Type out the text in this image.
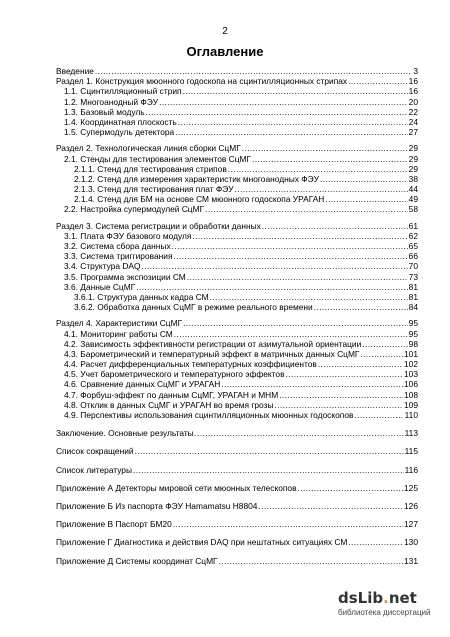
2
Оглавление
Введение .....	3
Раздел 1. Конструкция мюонного годоскопа на сцинтилляционных стрипах .....	16
1.1. Сцинтилляционный стрип .....	16
1.2. Многоанодный ФЭУ .....	20
1.3. Базовый модуль .....	22
1.4. Координатная плоскость .....	24
1.5. Супермодуль детектора .....	27
Раздел 2. Технологическая линия сборки СцМГ .....	29
2.1. Стенды для тестирования элементов СцМГ .....	29
2.1.1. Стенд для тестирования стрипов .....	29
2.1.2. Стенд для измерения характеристик многоанодных ФЭУ .....	38
2.1.3. Стенд для тестирования плат ФЭУ .....	44
2.1.4. Стенд для БМ на основе СМ мюонного годоскопа УРАГАН .....	49
2.2. Настройка супермодулей СцМГ .....	58
Раздел 3. Система регистрации и обработки данных .....	61
3.1. Плата ФЭУ базового модуля .....	62
3.2. Система сбора данных .....	65
3.3. Система триггирования .....	66
3.4. Структура DAQ .....	70
3.5. Программа экспозиции СМ .....	73
3.6. Данные СцМГ .....	81
3.6.1. Структура данных кадра СМ .....	81
3.6.2. Обработка данных СцМГ в режиме реального времени .....	84
Раздел 4. Характеристики СцМГ .....	95
4.1. Мониторинг работы СМ .....	95
4.2. Зависимость эффективности регистрации от азимутальной ориентации .....	98
4.3. Барометрический и температурный эффект в матричных данных СцМГ .....	101
4.4. Расчет дифференциальных температурных коэффициентов .....	102
4.5. Учет барометрического и температурного эффектов .....	103
4.6. Сравнение данных СцМГ и УРАГАН .....	106
4.7. Форбуш-эффект по данным СцМГ, УРАГАН и МНМ .....	108
4.8. Отклик в данных СцМГ и УРАГАН во время грозы .....	109
4.9. Перспективы использования сцинтилляционных мюонных годоскопов .....	110
Заключение. Основные результаты. .....	113
Список сокращений .....	115
Список литературы .....	116
Приложение А Детекторы мировой сети мюонных телескопов .....	125
Приложение Б Из паспорта ФЭУ Hamamatsu H8804 .....	126
Приложение В Паспорт БМ20 .....	127
Приложение Г Диагностика и действия DAQ при нештатных ситуациях СМ .....	130
Приложение Д Системы координат СцМГ .....	131
dsLib.net
библиотека диссертаций
